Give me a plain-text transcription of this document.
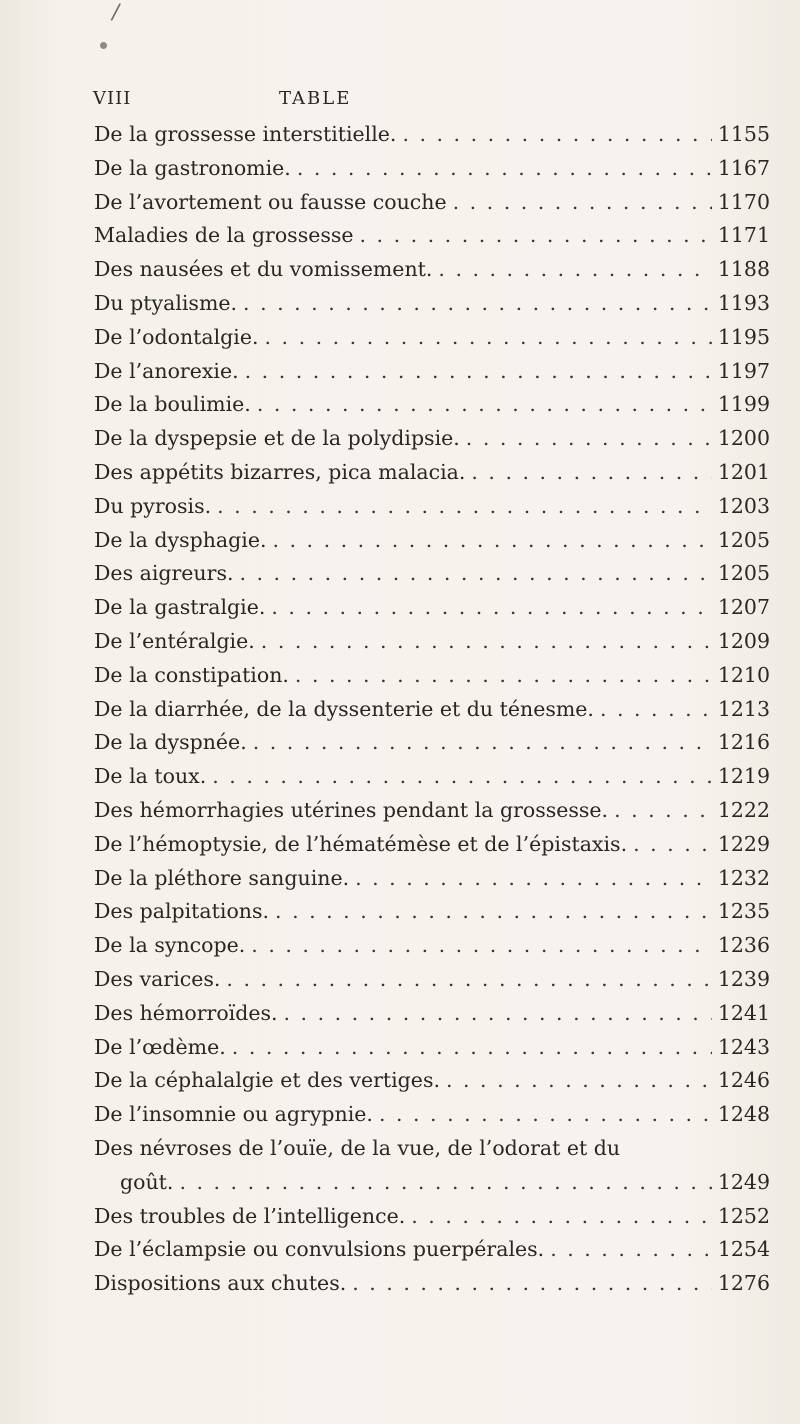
/
VIII	TABLE
De la grossesse interstitielle. . . .	1155
De la gastronomie. . . .	1167
De l’avortement ou fausse couche . . .	1170
Maladies de la grossesse . . .	1171
Des nausées et du vomissement. . . .	1188
Du ptyalisme. . . .	1193
De l’odontalgie. . . .	1195
De l’anorexie. . . .	1197
De la boulimie. . . .	1199
De la dyspepsie et de la polydipsie. . . .	1200
Des appétits bizarres, pica malacia. . . .	1201
Du pyrosis. . . .	1203
De la dysphagie. . . .	1205
Des aigreurs. . . .	1205
De la gastralgie. . . .	1207
De l’entéralgie. . . .	1209
De la constipation. . . .	1210
De la diarrhée, de la dyssenterie et du ténesme. . . .	1213
De la dyspnée. . . .	1216
De la toux. . . .	1219
Des hémorrhagies utérines pendant la grossesse. . . .	1222
De l’hémoptysie, de l’hématémèse et de l’épistaxis. . . .	1229
De la pléthore sanguine. . . .	1232
Des palpitations. . . .	1235
De la syncope. . . .	1236
Des varices. . . .	1239
Des hémorroïdes. . . .	1241
De l’œdème. . . .	1243
De la céphalalgie et des vertiges. . . .	1246
De l’insomnie ou agrypnie. . . .	1248
Des névroses de l’ouïe, de la vue, de l’odorat et du
goût. . . .	1249
Des troubles de l’intelligence. . . .	1252
De l’éclampsie ou convulsions puerpérales. . . .	1254
Dispositions aux chutes. . . .	1276
